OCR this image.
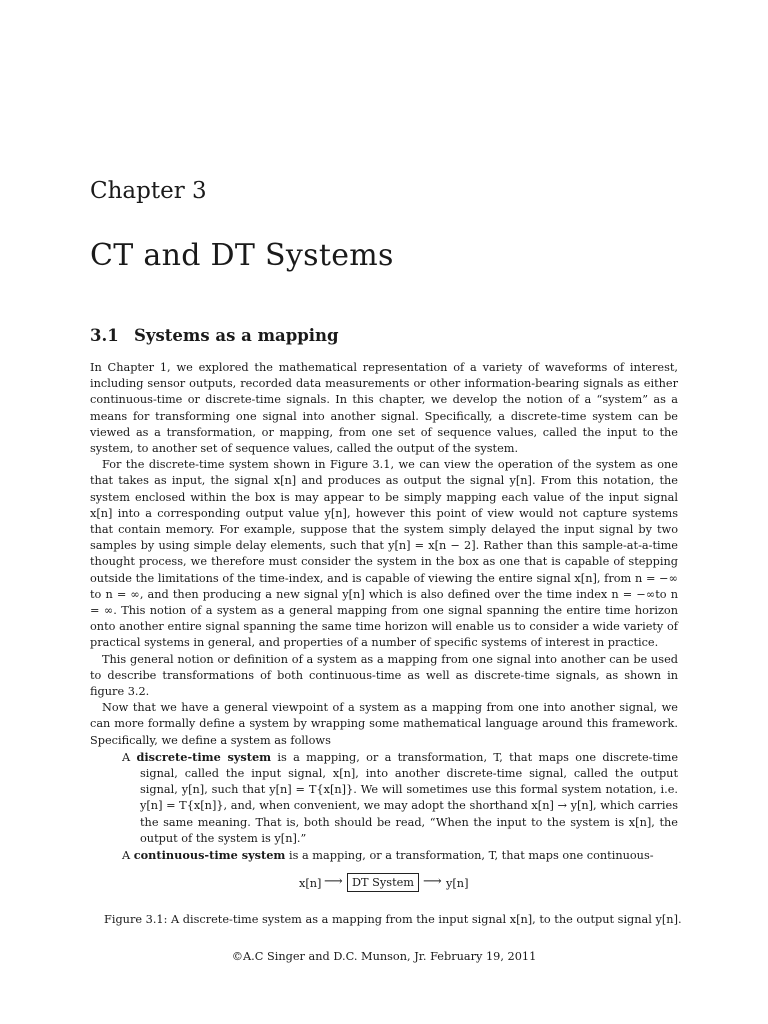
Chapter 3
CT and DT Systems
3.1 Systems as a mapping

In Chapter 1, we explored the mathematical representation of a variety of waveforms of interest, including sensor outputs, recorded data measurements or other information-bearing signals as either continuous-time or discrete-time signals. In this chapter, we develop the notion of a “system” as a means for transforming one signal into another signal. Specifically, a discrete-time system can be viewed as a transformation, or mapping, from one set of sequence values, called the input to the system, to another set of sequence values, called the output of the system.

For the discrete-time system shown in Figure 3.1, we can view the operation of the system as one that takes as input, the signal x[n] and produces as output the signal y[n]. From this notation, the system enclosed within the box is may appear to be simply mapping each value of the input signal x[n] into a corresponding output value y[n], however this point of view would not capture systems that contain memory. For example, suppose that the system simply delayed the input signal by two samples by using simple delay elements, such that y[n] = x[n − 2]. Rather than this sample-at-a-time thought process, we therefore must consider the system in the box as one that is capable of stepping outside the limitations of the time-index, and is capable of viewing the entire signal x[n], from n = −∞ to n = ∞, and then producing a new signal y[n] which is also defined over the time index n = −∞to n = ∞. This notion of a system as a general mapping from one signal spanning the entire time horizon onto another entire signal spanning the same time horizon will enable us to consider a wide variety of practical systems in general, and properties of a number of specific systems of interest in practice.

This general notion or definition of a system as a mapping from one signal into another can be used to describe transformations of both continuous-time as well as discrete-time signals, as shown in figure 3.2.

Now that we have a general viewpoint of a system as a mapping from one into another signal, we can more formally define a system by wrapping some mathematical language around this framework. Specifically, we define a system as follows

A discrete-time system is a mapping, or a transformation, T, that maps one discrete-time signal, called the input signal, x[n], into another discrete-time signal, called the output signal, y[n], such that y[n] = T{x[n]}. We will sometimes use this formal system notation, i.e. y[n] = T{x[n]}, and, when convenient, we may adopt the shorthand x[n] → y[n], which carries the same meaning. That is, both should be read, “When the input to the system is x[n], the output of the system is y[n].”

A continuous-time system is a mapping, or a transformation, T, that maps one continuous-

x[n] ⟶ DT System ⟶ y[n]
Figure 3.1: A discrete-time system as a mapping from the input signal x[n], to the output signal y[n].
©A.C Singer and D.C. Munson, Jr. February 19, 2011
